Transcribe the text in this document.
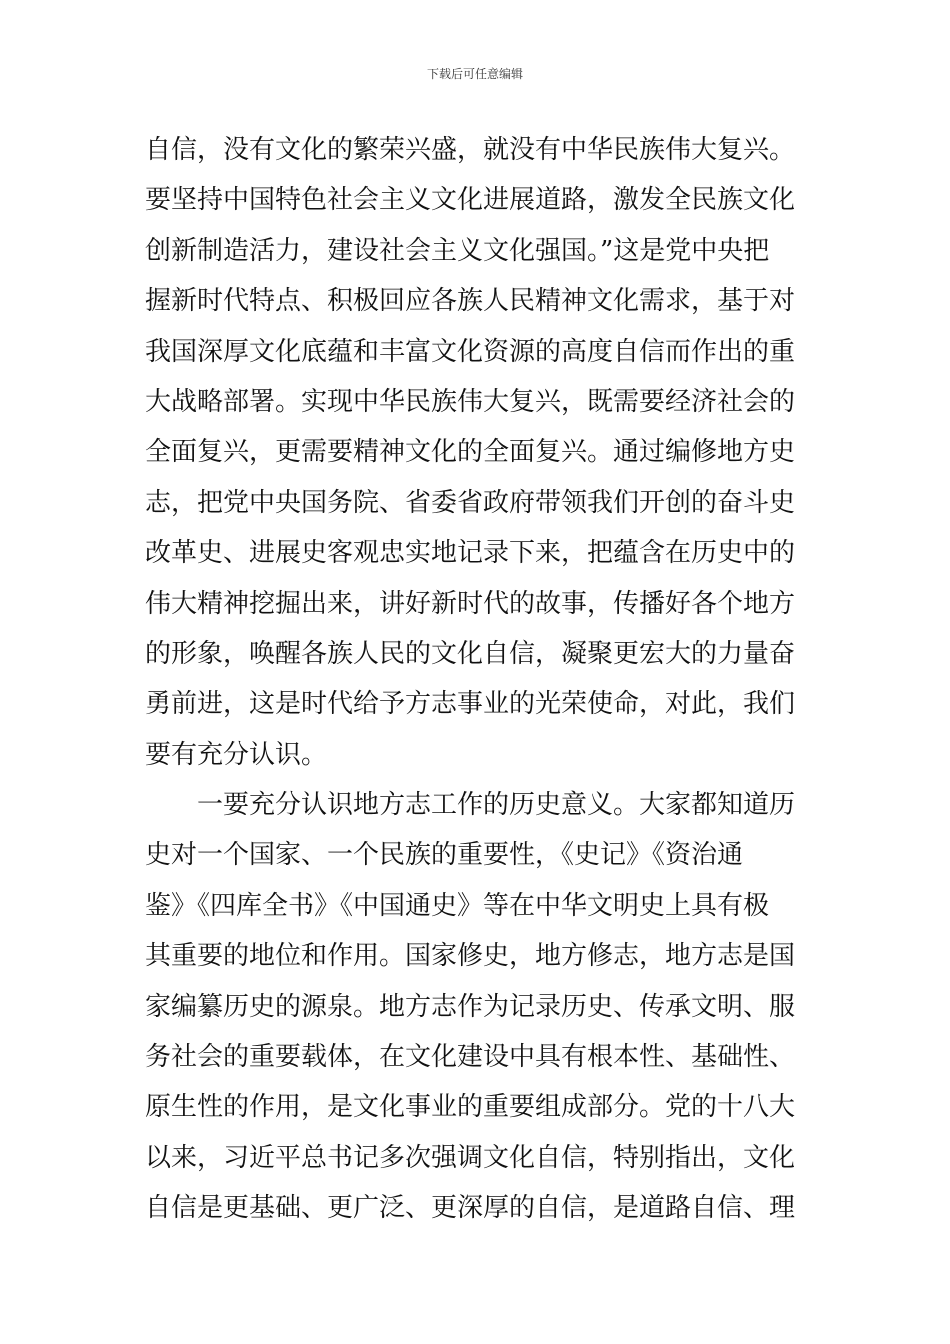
下载后可任意编辑
自信，没有文化的繁荣兴盛，就没有中华民族伟大复兴。
要坚持中国特色社会主义文化进展道路，激发全民族文化
创新制造活力，建设社会主义文化强国。”这是党中央把
握新时代特点、积极回应各族人民精神文化需求，基于对
我国深厚文化底蕴和丰富文化资源的高度自信而作出的重
大战略部署。实现中华民族伟大复兴，既需要经济社会的
全面复兴，更需要精神文化的全面复兴。通过编修地方史
志，把党中央国务院、省委省政府带领我们开创的奋斗史
改革史、进展史客观忠实地记录下来，把蕴含在历史中的
伟大精神挖掘出来，讲好新时代的故事，传播好各个地方
的形象，唤醒各族人民的文化自信，凝聚更宏大的力量奋
勇前进，这是时代给予方志事业的光荣使命，对此，我们
要有充分认识。
　　一要充分认识地方志工作的历史意义。大家都知道历
史对一个国家、一个民族的重要性，《史记》《资治通
鉴》《四库全书》《中国通史》等在中华文明史上具有极
其重要的地位和作用。国家修史，地方修志，地方志是国
家编纂历史的源泉。地方志作为记录历史、传承文明、服
务社会的重要载体，在文化建设中具有根本性、基础性、
原生性的作用，是文化事业的重要组成部分。党的十八大
以来，习近平总书记多次强调文化自信，特别指出，文化
自信是更基础、更广泛、更深厚的自信，是道路自信、理
